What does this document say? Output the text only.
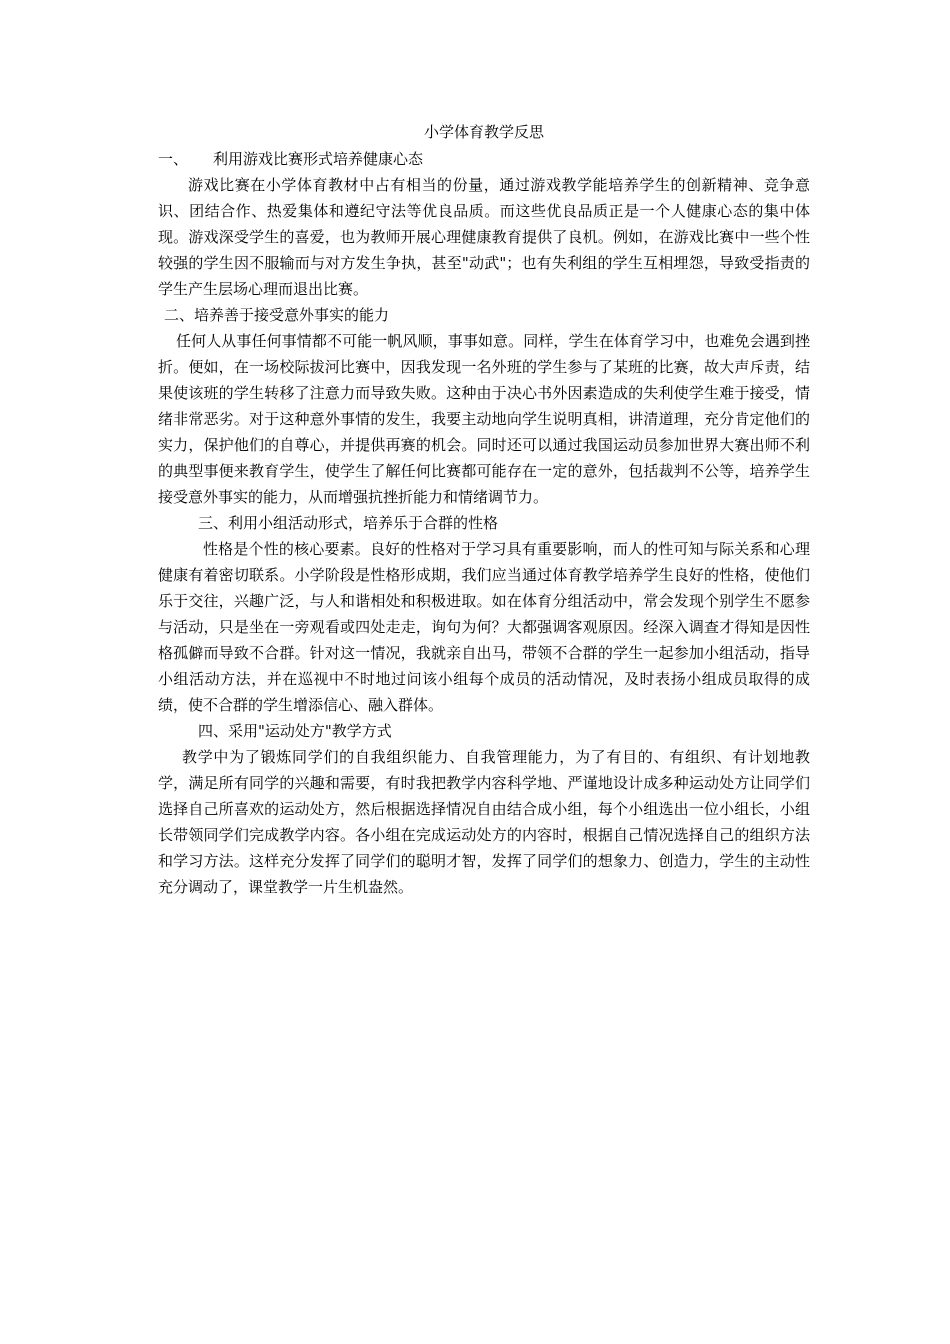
小学体育教学反思
一、 利用游戏比赛形式培养健康心态

游戏比赛在小学体育教材中占有相当的份量，通过游戏教学能培养学生的创新精神、竞争意识、团结合作、热爱集体和遵纪守法等优良品质。而这些优良品质正是一个人健康心态的集中体现。游戏深受学生的喜爱，也为教师开展心理健康教育提供了良机。例如，在游戏比赛中一些个性较强的学生因不服输而与对方发生争执，甚至"动武"；也有失利组的学生互相埋怨，导致受指责的学生产生层场心理而退出比赛。

二、培养善于接受意外事实的能力

任何人从事任何事情都不可能一帆风顺，事事如意。同样，学生在体育学习中，也难免会遇到挫折。便如，在一场校际拔河比赛中，因我发现一名外班的学生参与了某班的比赛，故大声斥责，结果使该班的学生转移了注意力而导致失败。这种由于决心书外因素造成的失利使学生难于接受，情绪非常恶劣。对于这种意外事情的发生，我要主动地向学生说明真相，讲清道理，充分肯定他们的实力，保护他们的自尊心，并提供再赛的机会。同时还可以通过我国运动员参加世界大赛出师不利的典型事便来教育学生，使学生了解任何比赛都可能存在一定的意外，包括裁判不公等，培养学生接受意外事实的能力，从而增强抗挫折能力和情绪调节力。

三、利用小组活动形式，培养乐于合群的性格

性格是个性的核心要素。良好的性格对于学习具有重要影响，而人的性可知与际关系和心理健康有着密切联系。小学阶段是性格形成期，我们应当通过体育教学培养学生良好的性格，使他们乐于交往，兴趣广泛，与人和谐相处和积极进取。如在体育分组活动中，常会发现个别学生不愿参与活动，只是坐在一旁观看或四处走走，询句为何？大都强调客观原因。经深入调查才得知是因性格孤僻而导致不合群。针对这一情况，我就亲自出马，带领不合群的学生一起参加小组活动，指导小组活动方法，并在巡视中不时地过问该小组每个成员的活动情况，及时表扬小组成员取得的成绩，使不合群的学生增添信心、融入群体。

四、采用"运动处方"教学方式

教学中为了锻炼同学们的自我组织能力、自我管理能力，为了有目的、有组织、有计划地教学，满足所有同学的兴趣和需要，有时我把教学内容科学地、严谨地设计成多种运动处方让同学们选择自己所喜欢的运动处方，然后根据选择情况自由结合成小组，每个小组选出一位小组长，小组长带领同学们完成教学内容。各小组在完成运动处方的内容时，根据自己情况选择自己的组织方法和学习方法。这样充分发挥了同学们的聪明才智，发挥了同学们的想象力、创造力，学生的主动性充分调动了，课堂教学一片生机盎然。
